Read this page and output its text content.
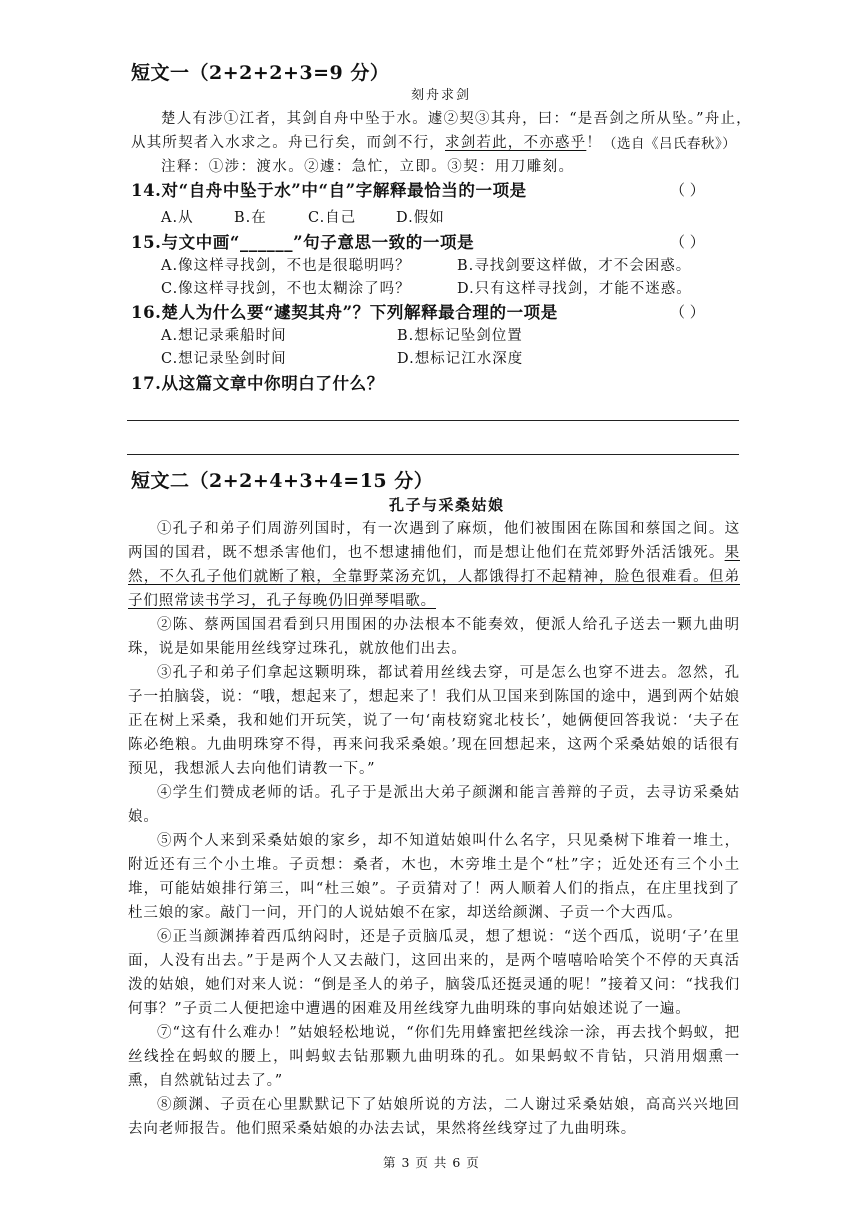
短文一（2+2+2+3=9 分）
刻舟求剑
楚人有涉①江者，其剑自舟中坠于水。遽②契③其舟，曰：“是吾剑之所从坠。”舟止，
从其所契者入水求之。舟已行矣，而剑不行，求剑若此，不亦惑乎！ （选自《吕氏春秋》）
注释：①涉：渡水。②遽：急忙，立即。③契：用刀雕刻。
14.对“自舟中坠于水”中“自”字解释最恰当的一项是	（ ）
A.从	B.在	C.自己	D.假如
15.与文中画“______”句子意思一致的一项是	（ ）
A.像这样寻找剑，不也是很聪明吗？	B.寻找剑要这样做，才不会困惑。
C.像这样寻找剑，不也太糊涂了吗？	D.只有这样寻找剑，才能不迷惑。
16.楚人为什么要“遽契其舟”？下列解释最合理的一项是	（ ）
A.想记录乘船时间	B.想标记坠剑位置
C.想记录坠剑时间	D.想标记江水深度
17.从这篇文章中你明白了什么？
短文二（2+2+4+3+4=15 分）
孔子与采桑姑娘

①孔子和弟子们周游列国时，有一次遇到了麻烦，他们被围困在陈国和蔡国之间。这两国的国君，既不想杀害他们，也不想逮捕他们，而是想让他们在荒郊野外活活饿死。果然，不久孔子他们就断了粮，全靠野菜汤充饥，人都饿得打不起精神，脸色很难看。但弟子们照常读书学习，孔子每晚仍旧弹琴唱歌。

②陈、蔡两国国君看到只用围困的办法根本不能奏效，便派人给孔子送去一颗九曲明珠，说是如果能用丝线穿过珠孔，就放他们出去。

③孔子和弟子们拿起这颗明珠，都试着用丝线去穿，可是怎么也穿不进去。忽然，孔子一拍脑袋，说：“哦，想起来了，想起来了！我们从卫国来到陈国的途中，遇到两个姑娘正在树上采桑，我和她们开玩笑，说了一句‘南枝窈窕北枝长’，她俩便回答我说：‘夫子在陈必绝粮。九曲明珠穿不得，再来问我采桑娘。’现在回想起来，这两个采桑姑娘的话很有预见，我想派人去向他们请教一下。”

④学生们赞成老师的话。孔子于是派出大弟子颜渊和能言善辩的子贡，去寻访采桑姑娘。

⑤两个人来到采桑姑娘的家乡，却不知道姑娘叫什么名字，只见桑树下堆着一堆土，附近还有三个小土堆。子贡想：桑者，木也，木旁堆土是个“杜”字；近处还有三个小土堆，可能姑娘排行第三，叫“杜三娘”。子贡猜对了！两人顺着人们的指点，在庄里找到了杜三娘的家。敲门一问，开门的人说姑娘不在家，却送给颜渊、子贡一个大西瓜。

⑥正当颜渊捧着西瓜纳闷时，还是子贡脑瓜灵，想了想说：“送个西瓜，说明‘子’在里面，人没有出去。”于是两个人又去敲门，这回出来的，是两个嘻嘻哈哈笑个不停的天真活泼的姑娘，她们对来人说：“倒是圣人的弟子，脑袋瓜还挺灵通的呢！”接着又问：“找我们何事？”子贡二人便把途中遭遇的困难及用丝线穿九曲明珠的事向姑娘述说了一遍。

⑦“这有什么难办！”姑娘轻松地说，“你们先用蜂蜜把丝线涂一涂，再去找个蚂蚁，把丝线拴在蚂蚁的腰上，叫蚂蚁去钻那颗九曲明珠的孔。如果蚂蚁不肯钻，只消用烟熏一熏，自然就钻过去了。”

⑧颜渊、子贡在心里默默记下了姑娘所说的方法，二人谢过采桑姑娘，高高兴兴地回去向老师报告。他们照采桑姑娘的办法去试，果然将丝线穿过了九曲明珠。

第 3 页 共 6 页
